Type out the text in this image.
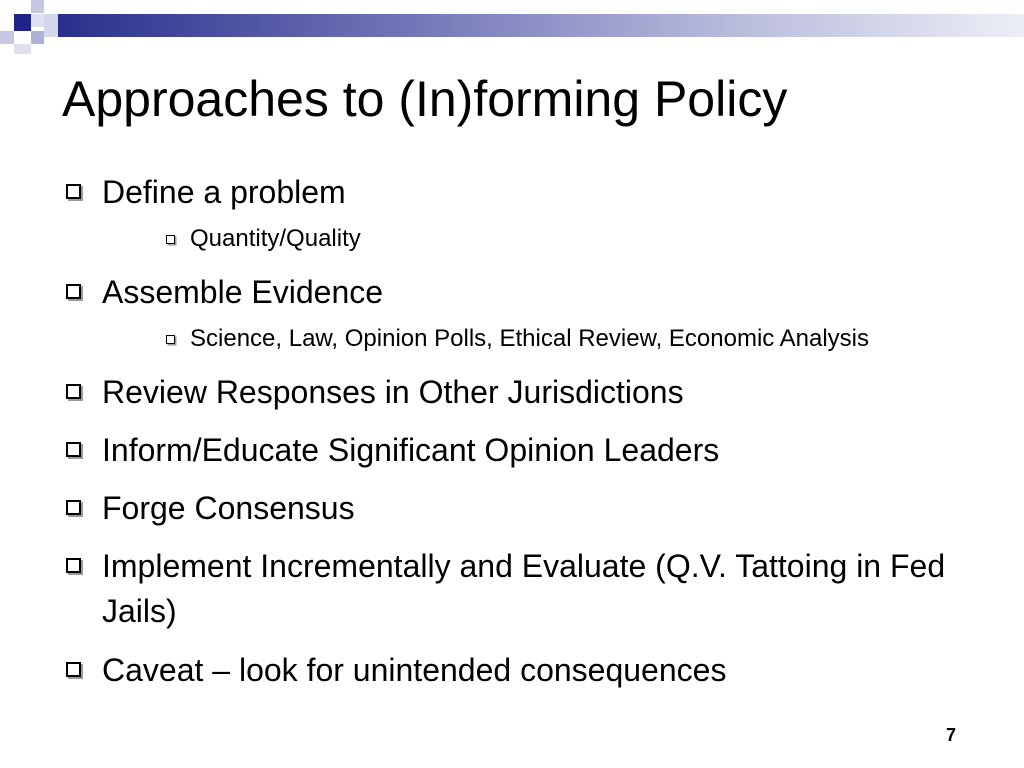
Approaches to (In)forming Policy
Define a problem
Quantity/Quality
Assemble Evidence
Science, Law, Opinion Polls, Ethical Review, Economic Analysis
Review Responses in Other Jurisdictions
Inform/Educate Significant Opinion Leaders
Forge Consensus
Implement Incrementally and Evaluate (Q.V. Tattoing in Fed Jails)
Caveat – look for unintended consequences
7
